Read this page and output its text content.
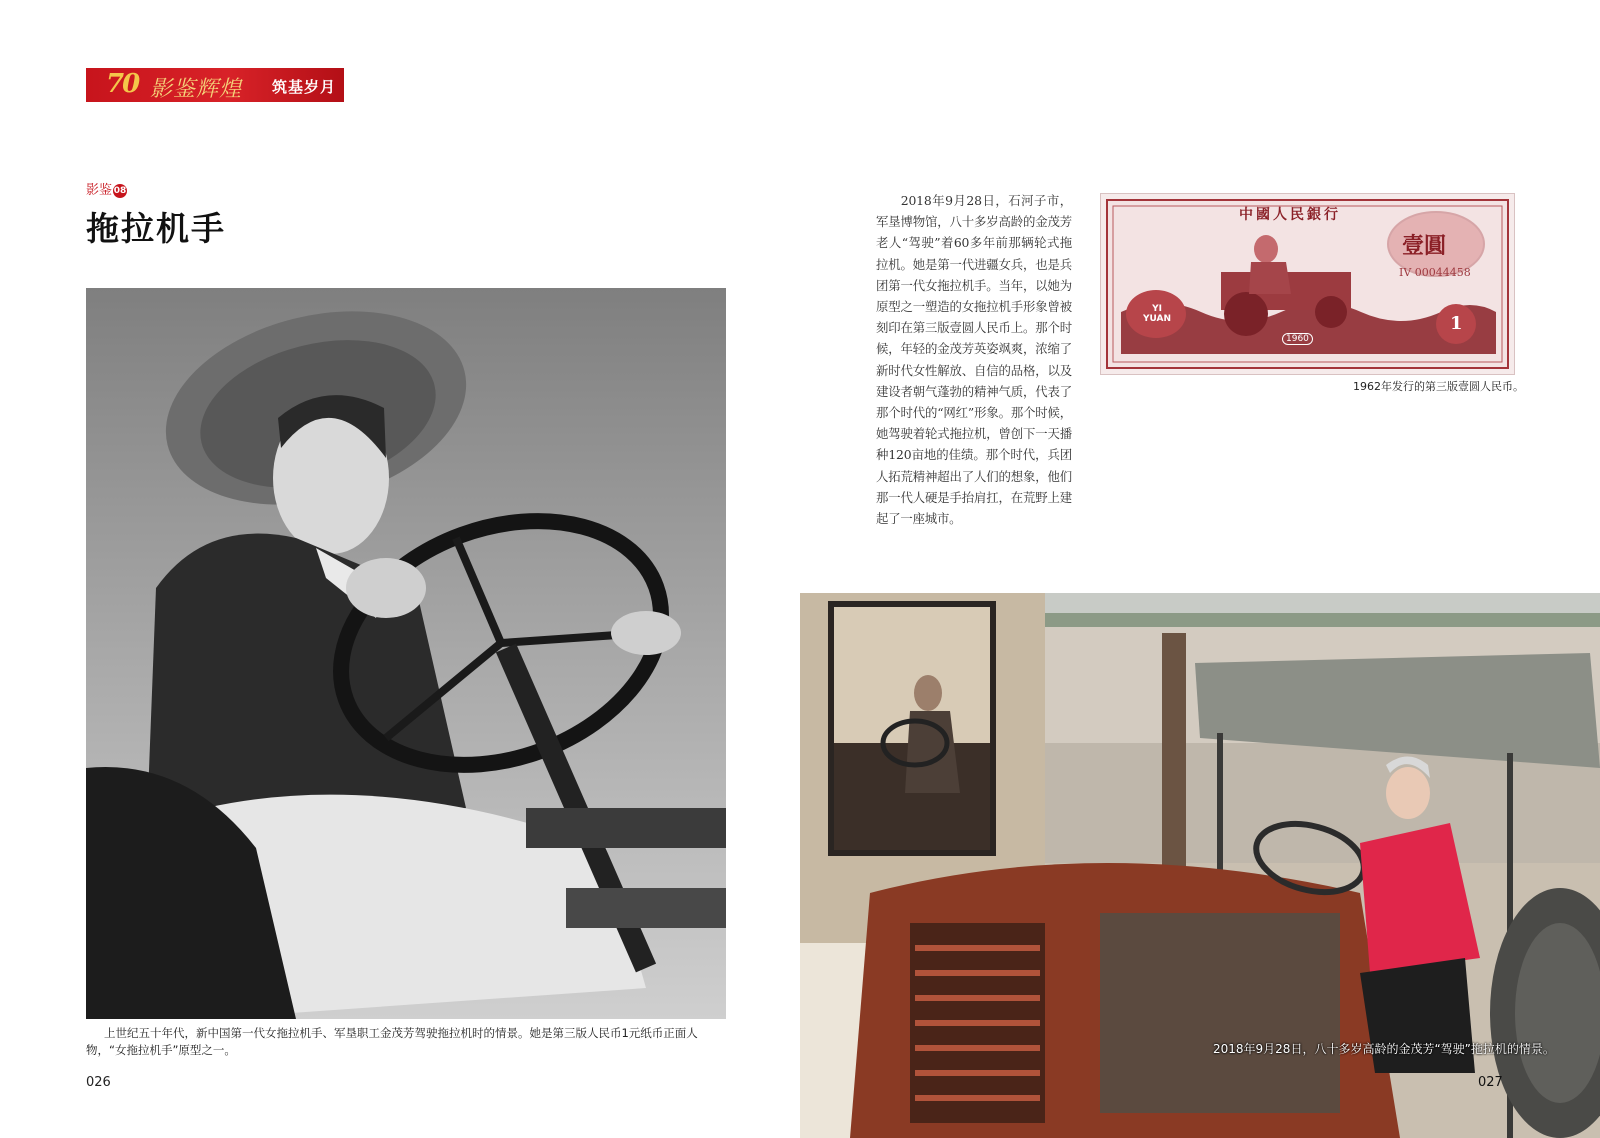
70 影鉴辉煌 筑基岁月
影鉴 08
拖拉机手
上世纪五十年代，新中国第一代女拖拉机手、军垦职工金茂芳驾驶拖拉机时的情景。她是第三版人民币1元纸币正面人物，“女拖拉机手”原型之一。

2018年9月28日，石河子市，军垦博物馆，八十多岁高龄的金茂芳老人“驾驶”着60多年前那辆轮式拖拉机。她是第一代进疆女兵，也是兵团第一代女拖拉机手。当年，以她为原型之一塑造的女拖拉机手形象曾被刻印在第三版壹圆人民币上。那个时候，年轻的金茂芳英姿飒爽，浓缩了新时代女性解放、自信的品格，以及建设者朝气蓬勃的精神气质，代表了那个时代的“网红”形象。那个时候，她驾驶着轮式拖拉机，曾创下一天播种120亩地的佳绩。那个时代，兵团人拓荒精神超出了人们的想象，他们那一代人硬是手抬肩扛，在荒野上建起了一座城市。

中國人民銀行
壹圓
IV 00044458
YI YUAN
1960
1
1962年发行的第三版壹圆人民币。
2018年9月28日，八十多岁高龄的金茂芳“驾驶”拖拉机的情景。
026	027
